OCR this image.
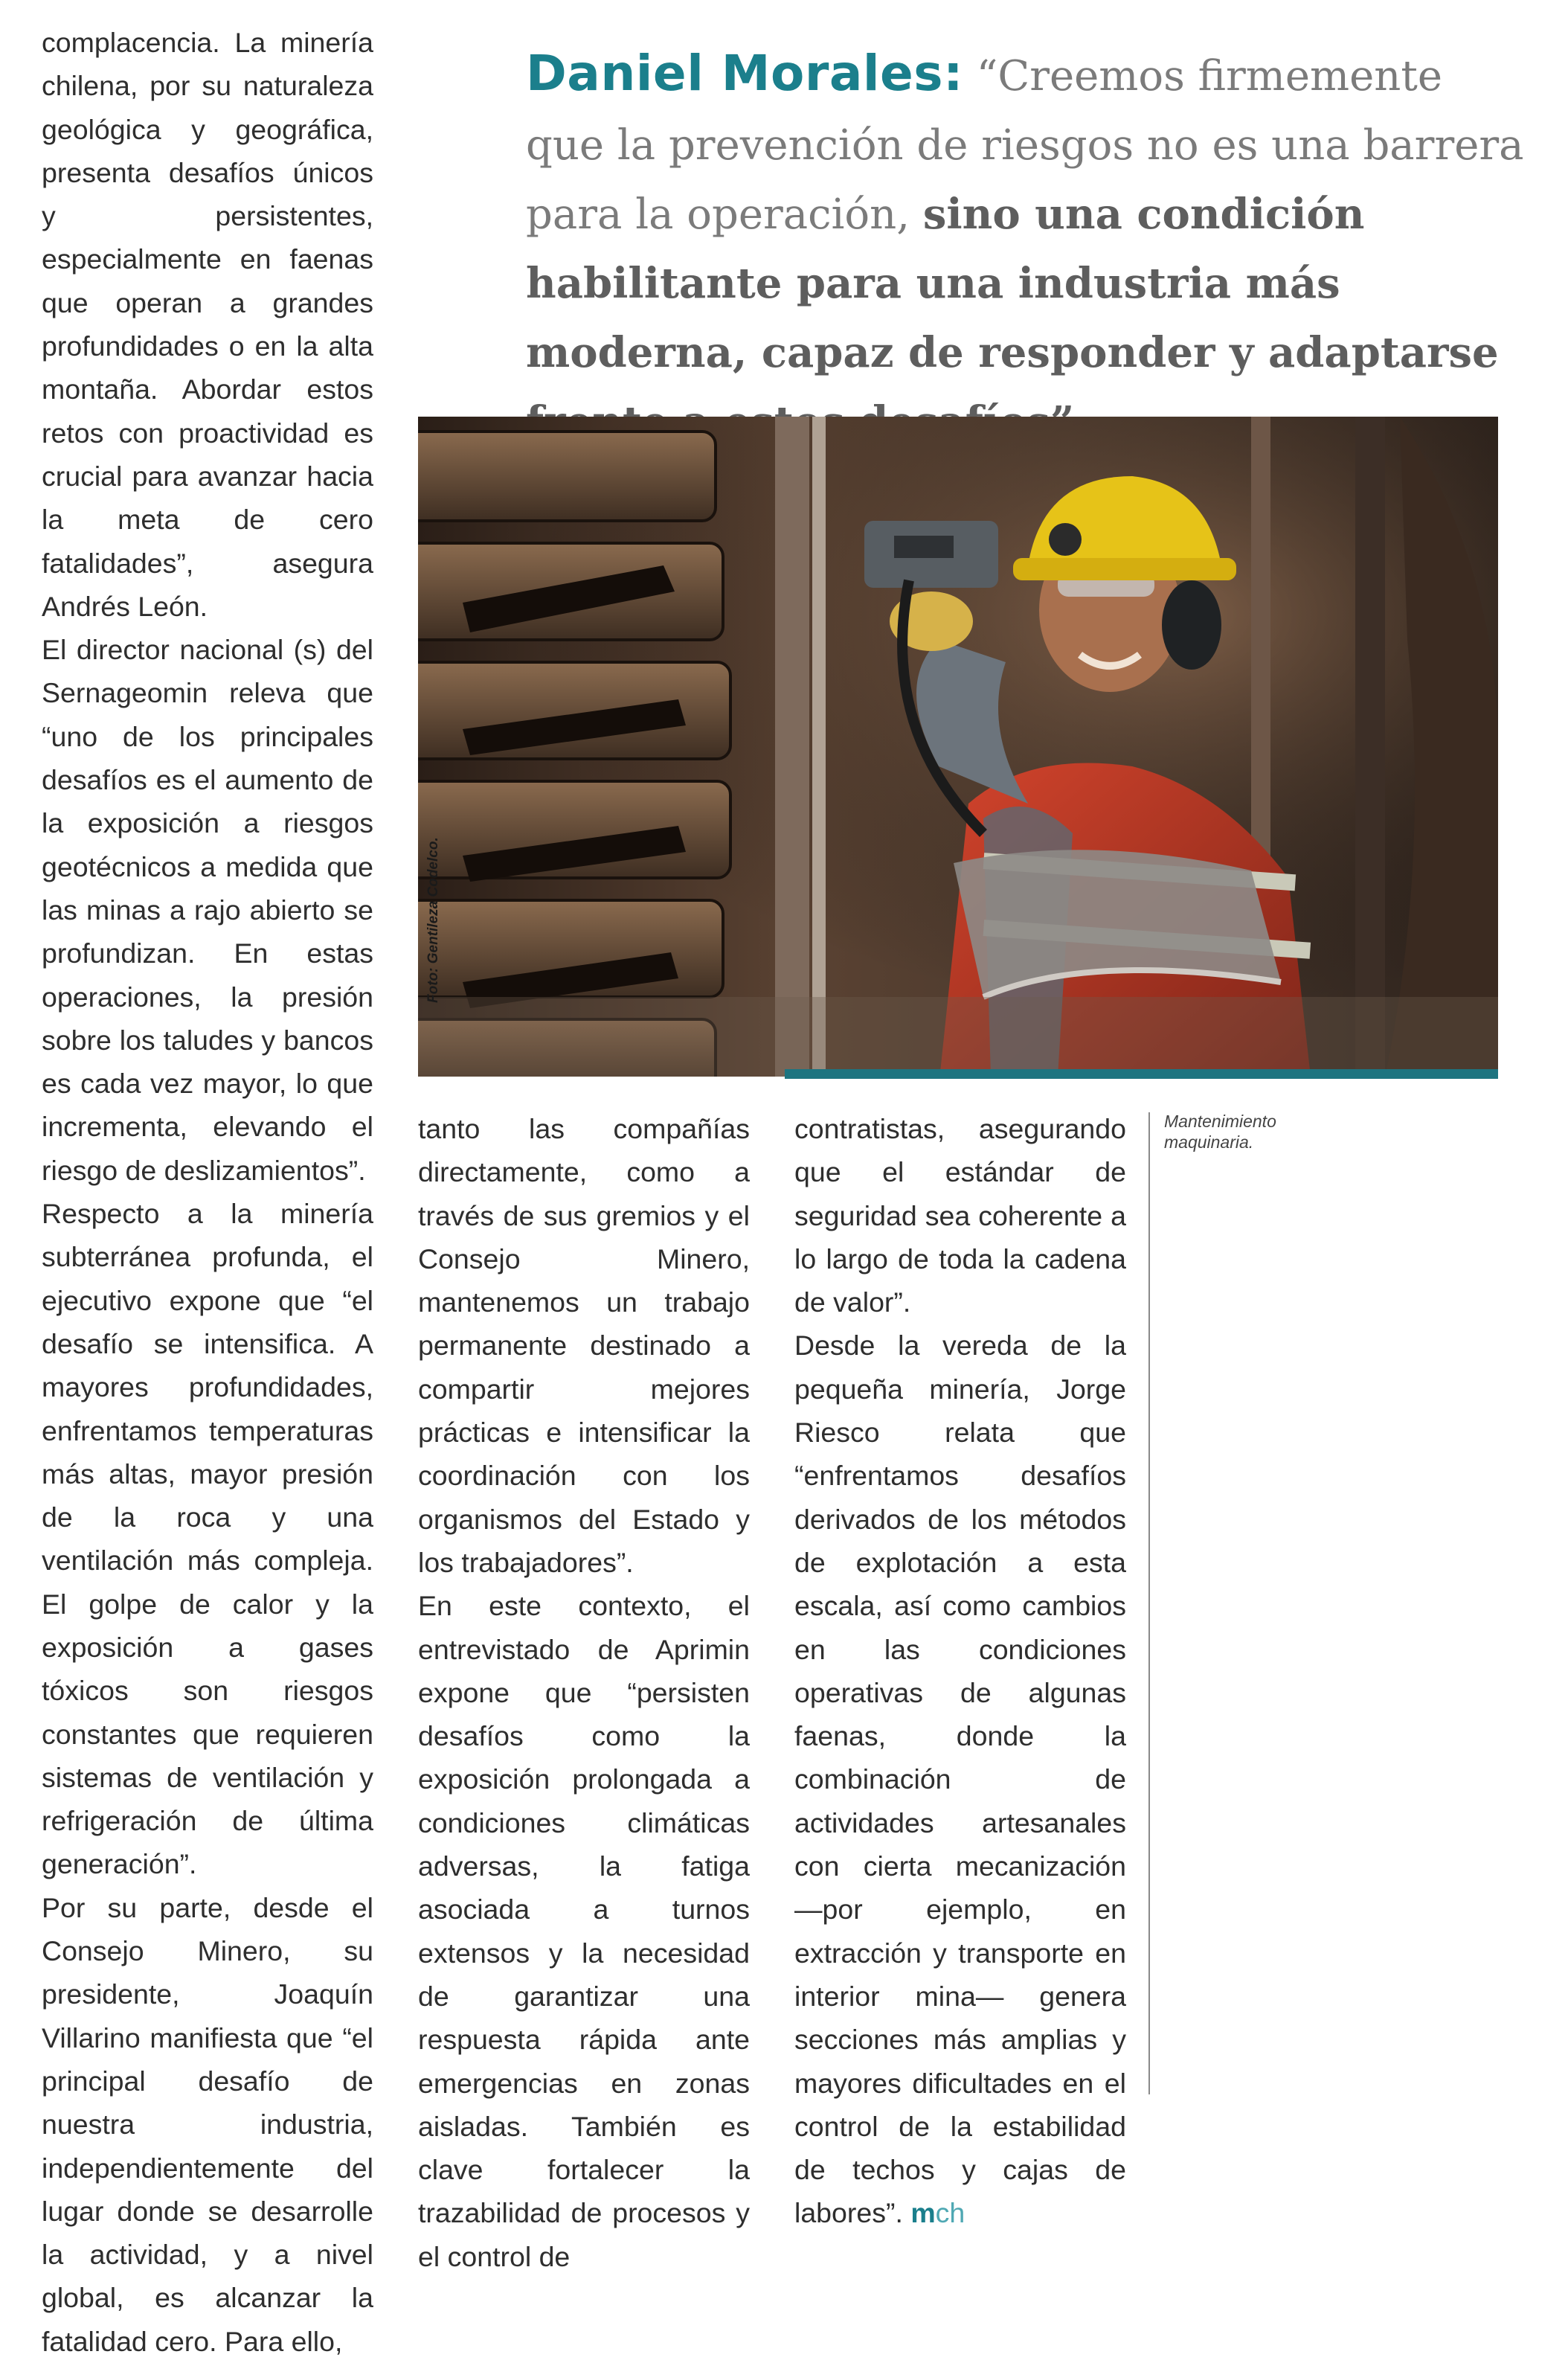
complacencia. La minería chilena, por su naturaleza geológica y geográfica, presenta desafíos únicos y persistentes, especialmente en faenas que operan a grandes profundidades o en la alta montaña. Abordar estos retos con proactividad es crucial para avanzar hacia la meta de cero fatalidades”, asegura Andrés León.

El director nacional (s) del Sernageomin releva que “uno de los principales desafíos es el aumento de la exposición a riesgos geotécnicos a medida que las minas a rajo abierto se profundizan. En estas operaciones, la presión sobre los taludes y bancos es cada vez mayor, lo que incrementa, elevando el riesgo de deslizamientos”.

Respecto a la minería subterránea profunda, el ejecutivo expone que “el desafío se intensifica. A mayores profundidades, enfrentamos temperaturas más altas, mayor presión de la roca y una ventilación más compleja. El golpe de calor y la exposición a gases tóxicos son riesgos constantes que requieren sistemas de ventilación y refrigeración de última generación”.

Por su parte, desde el Consejo Minero, su presidente, Joaquín Villarino manifiesta que “el principal desafío de nuestra industria, independientemente del lugar donde se desarrolle la actividad, y a nivel global, es alcanzar la fatalidad cero. Para ello,

Daniel Morales: “Creemos firmemente que la prevención de riesgos no es una barrera para la operación, sino una condición habilitante para una industria más moderna, capaz de responder y adaptarse
Foto: Gentileza Codelco.

tanto las compañías directamente, como a través de sus gremios y el Consejo Minero, mantenemos un trabajo permanente destinado a compartir mejores prácticas e intensificar la coordinación con los organismos del Estado y los trabajadores”.

En este contexto, el entrevistado de Aprimin expone que “persisten desafíos como la exposición prolongada a condiciones climáticas adversas, la fatiga asociada a turnos extensos y la necesidad de garantizar una respuesta rápida ante emergencias en zonas aisladas. También es clave fortalecer la trazabilidad de procesos y el control de

contratistas, asegurando que el estándar de seguridad sea coherente a lo largo de toda la cadena de valor”.

Desde la vereda de la pequeña minería, Jorge Riesco relata que “enfrentamos desafíos derivados de los métodos de explotación a esta escala, así como cambios en las condiciones operativas de algunas faenas, donde la combinación de actividades artesanales con cierta mecanización —por ejemplo, en extracción y transporte en interior mina— genera secciones más amplias y mayores dificultades en el control de la estabilidad de techos y cajas de labores”. mch

Mantenimiento maquinaria.
